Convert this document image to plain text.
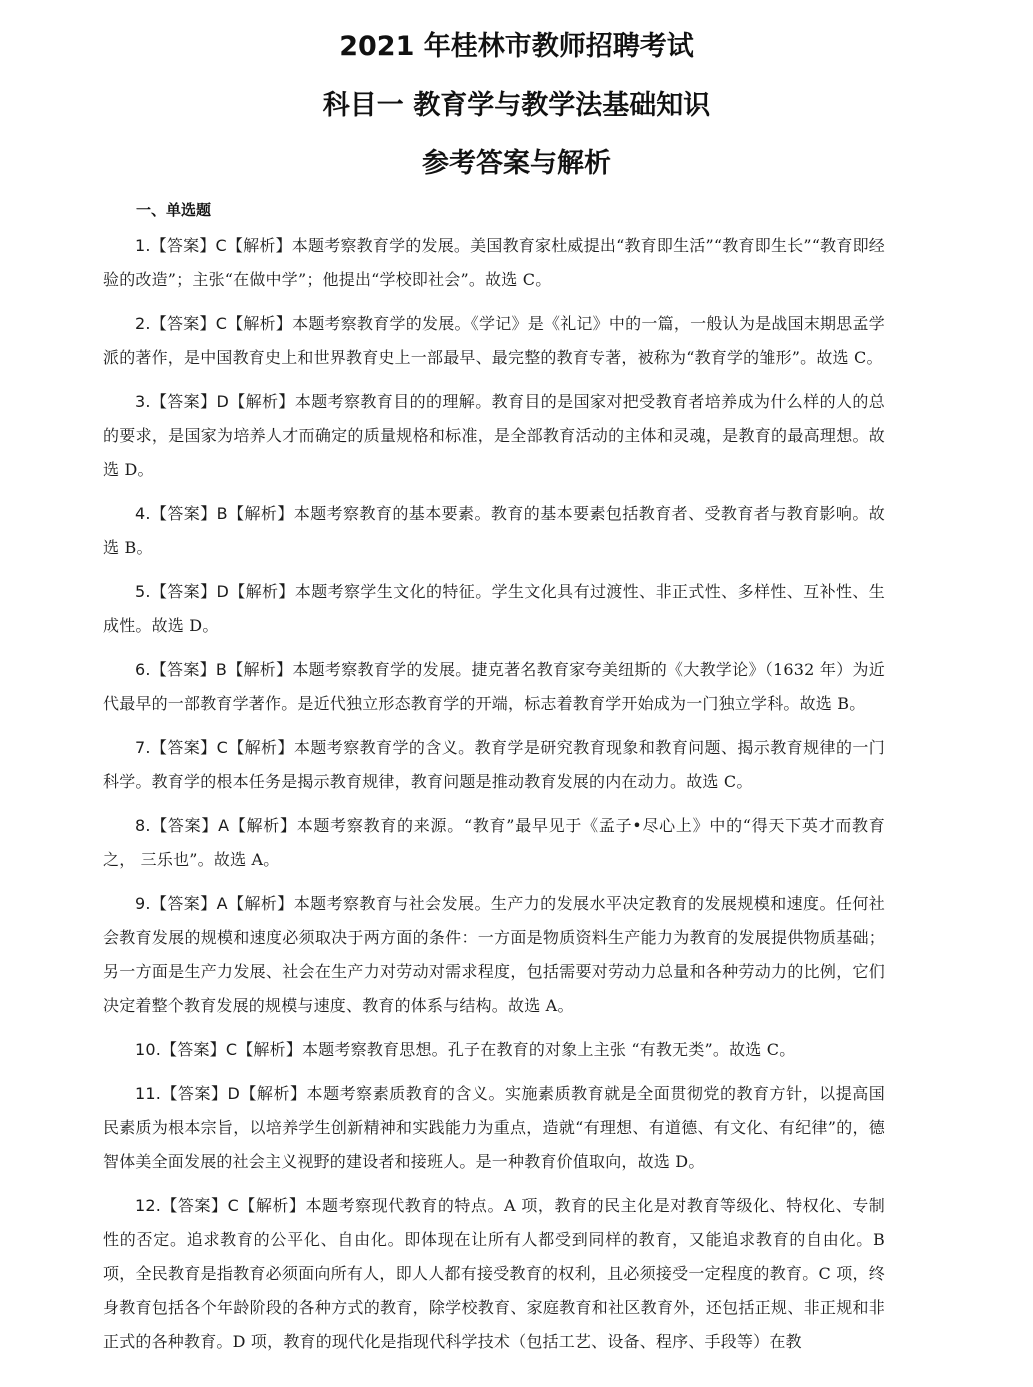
2021 年桂林市教师招聘考试
科目一 教育学与教学法基础知识
参考答案与解析
一、单选题

1.【答案】C【解析】本题考察教育学的发展。美国教育家杜威提出“教育即生活”“教育即生长”“教育即经验的改造”；主张“在做中学”；他提出“学校即社会”。故选 C。

2.【答案】C【解析】本题考察教育学的发展。《学记》是《礼记》中的一篇，一般认为是战国末期思孟学派的著作，是中国教育史上和世界教育史上一部最早、最完整的教育专著，被称为“教育学的雏形”。故选 C。

3.【答案】D【解析】本题考察教育目的的理解。教育目的是国家对把受教育者培养成为什么样的人的总的要求，是国家为培养人才而确定的质量规格和标准，是全部教育活动的主体和灵魂，是教育的最高理想。故选 D。

4.【答案】B【解析】本题考察教育的基本要素。教育的基本要素包括教育者、受教育者与教育影响。故选 B。

5.【答案】D【解析】本题考察学生文化的特征。学生文化具有过渡性、非正式性、多样性、互补性、生成性。故选 D。

6.【答案】B【解析】本题考察教育学的发展。捷克著名教育家夸美纽斯的《大教学论》（1632 年）为近代最早的一部教育学著作。是近代独立形态教育学的开端，标志着教育学开始成为一门独立学科。故选 B。

7.【答案】C【解析】本题考察教育学的含义。教育学是研究教育现象和教育问题、揭示教育规律的一门科学。教育学的根本任务是揭示教育规律，教育问题是推动教育发展的内在动力。故选 C。

8.【答案】A【解析】本题考察教育的来源。“教育”最早见于《孟子•尽心上》中的“得天下英才而教育之， 三乐也”。故选 A。

9.【答案】A【解析】本题考察教育与社会发展。生产力的发展水平决定教育的发展规模和速度。任何社会教育发展的规模和速度必须取决于两方面的条件：一方面是物质资料生产能力为教育的发展提供物质基础；另一方面是生产力发展、社会在生产力对劳动对需求程度，包括需要对劳动力总量和各种劳动力的比例，它们决定着整个教育发展的规模与速度、教育的体系与结构。故选 A。

10.【答案】C【解析】本题考察教育思想。孔子在教育的对象上主张 “有教无类”。故选 C。

11.【答案】D【解析】本题考察素质教育的含义。实施素质教育就是全面贯彻党的教育方针，以提高国民素质为根本宗旨，以培养学生创新精神和实践能力为重点，造就“有理想、有道德、有文化、有纪律”的，德智体美全面发展的社会主义视野的建设者和接班人。是一种教育价值取向，故选 D。

12.【答案】C【解析】本题考察现代教育的特点。A 项，教育的民主化是对教育等级化、特权化、专制性的否定。追求教育的公平化、自由化。即体现在让所有人都受到同样的教育，又能追求教育的自由化。B 项，全民教育是指教育必须面向所有人，即人人都有接受教育的权利，且必须接受一定程度的教育。C 项，终身教育包括各个年龄阶段的各种方式的教育，除学校教育、家庭教育和社区教育外，还包括正规、非正规和非正式的各种教育。D 项，教育的现代化是指现代科学技术（包括工艺、设备、程序、手段等）在教
